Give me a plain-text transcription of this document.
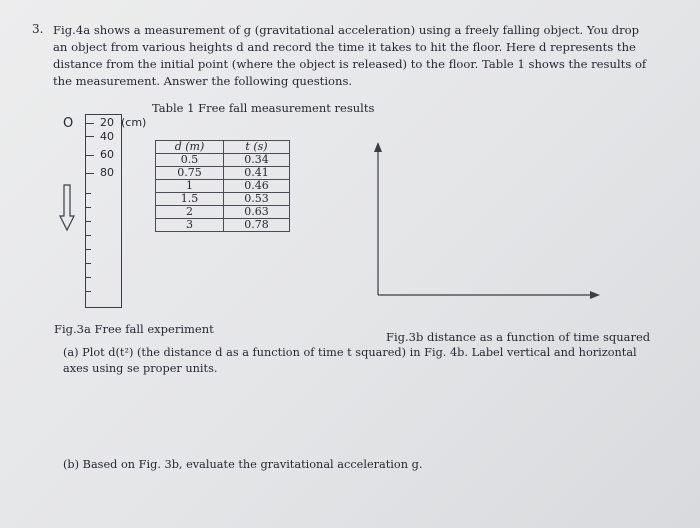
3. Fig.4a shows a measurement of g (gravitational acceleration) using a freely falling object. You drop an object from various heights d and record the time it takes to hit the floor. Here d represents the distance from the initial point (where the object is released) to the floor. Table 1 shows the results of the measurement. Answer the following questions.

Table 1 Free fall measurement results
O 20 (cm)
40
60
80
d (m)	t (s)
0.5	0.34
0.75	0.41
1	0.46
1.5	0.53
2	0.63
3	0.78
Fig.3a Free fall experiment
Fig.3b distance as a function of time squared

(a) Plot d(t²) (the distance d as a function of time t squared) in Fig. 4b. Label vertical and horizontal axes using se proper units.

(b) Based on Fig. 3b, evaluate the gravitational acceleration g.
